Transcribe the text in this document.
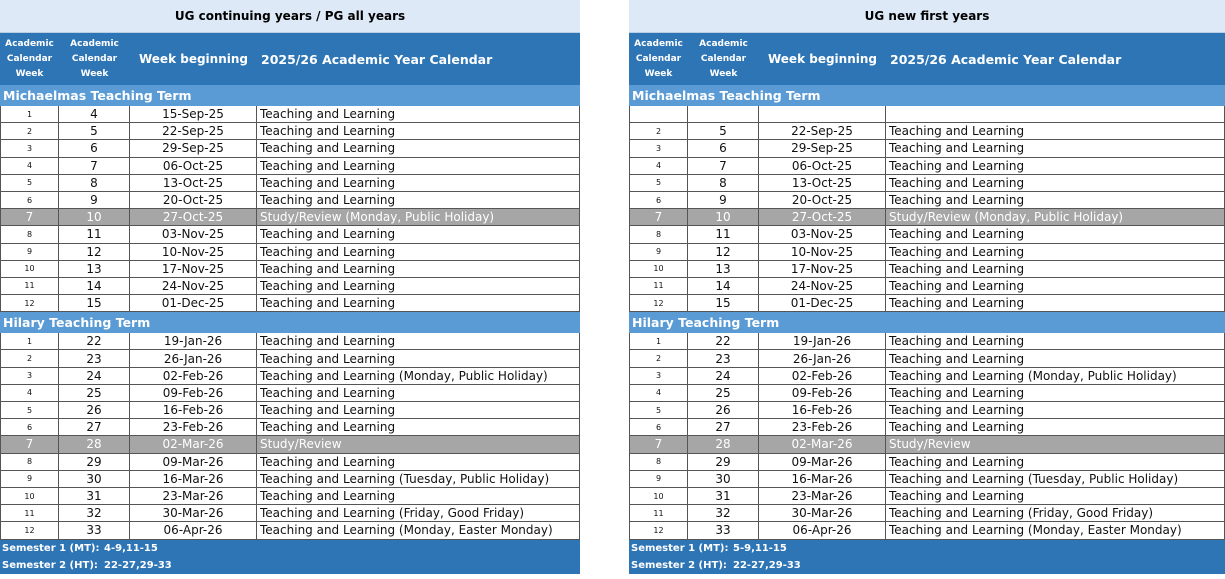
UG continuing years / PG all years
Academic Calendar Week
Academic Calendar Week
Week beginning	2025/26 Academic Year Calendar
Michaelmas Teaching Term
1	4	15-Sep-25	Teaching and Learning
2	5	22-Sep-25	Teaching and Learning
3	6	29-Sep-25	Teaching and Learning
4	7	06-Oct-25	Teaching and Learning
5	8	13-Oct-25	Teaching and Learning
6	9	20-Oct-25	Teaching and Learning
7	10	27-Oct-25	Study/Review (Monday, Public Holiday)
8	11	03-Nov-25	Teaching and Learning
9	12	10-Nov-25	Teaching and Learning
10	13	17-Nov-25	Teaching and Learning
11	14	24-Nov-25	Teaching and Learning
12	15	01-Dec-25	Teaching and Learning
Hilary Teaching Term
1	22	19-Jan-26	Teaching and Learning
2	23	26-Jan-26	Teaching and Learning
3	24	02-Feb-26	Teaching and Learning (Monday, Public Holiday)
4	25	09-Feb-26	Teaching and Learning
5	26	16-Feb-26	Teaching and Learning
6	27	23-Feb-26	Teaching and Learning
7	28	02-Mar-26	Study/Review
8	29	09-Mar-26	Teaching and Learning
9	30	16-Mar-26	Teaching and Learning (Tuesday, Public Holiday)
10	31	23-Mar-26	Teaching and Learning
11	32	30-Mar-26	Teaching and Learning (Friday, Good Friday)
12	33	06-Apr-26	Teaching and Learning (Monday, Easter Monday)
Semester 1 (MT): 4-9,11-15
Semester 2 (HT): 22-27,29-33
UG new first years
Academic Calendar Week
Academic Calendar Week
Week beginning	2025/26 Academic Year Calendar
Michaelmas Teaching Term
2	5	22-Sep-25	Teaching and Learning
3	6	29-Sep-25	Teaching and Learning
4	7	06-Oct-25	Teaching and Learning
5	8	13-Oct-25	Teaching and Learning
6	9	20-Oct-25	Teaching and Learning
7	10	27-Oct-25	Study/Review (Monday, Public Holiday)
8	11	03-Nov-25	Teaching and Learning
9	12	10-Nov-25	Teaching and Learning
10	13	17-Nov-25	Teaching and Learning
11	14	24-Nov-25	Teaching and Learning
12	15	01-Dec-25	Teaching and Learning
Hilary Teaching Term
1	22	19-Jan-26	Teaching and Learning
2	23	26-Jan-26	Teaching and Learning
3	24	02-Feb-26	Teaching and Learning (Monday, Public Holiday)
4	25	09-Feb-26	Teaching and Learning
5	26	16-Feb-26	Teaching and Learning
6	27	23-Feb-26	Teaching and Learning
7	28	02-Mar-26	Study/Review
8	29	09-Mar-26	Teaching and Learning
9	30	16-Mar-26	Teaching and Learning (Tuesday, Public Holiday)
10	31	23-Mar-26	Teaching and Learning
11	32	30-Mar-26	Teaching and Learning (Friday, Good Friday)
12	33	06-Apr-26	Teaching and Learning (Monday, Easter Monday)
Semester 1 (MT): 5-9,11-15
Semester 2 (HT): 22-27,29-33
